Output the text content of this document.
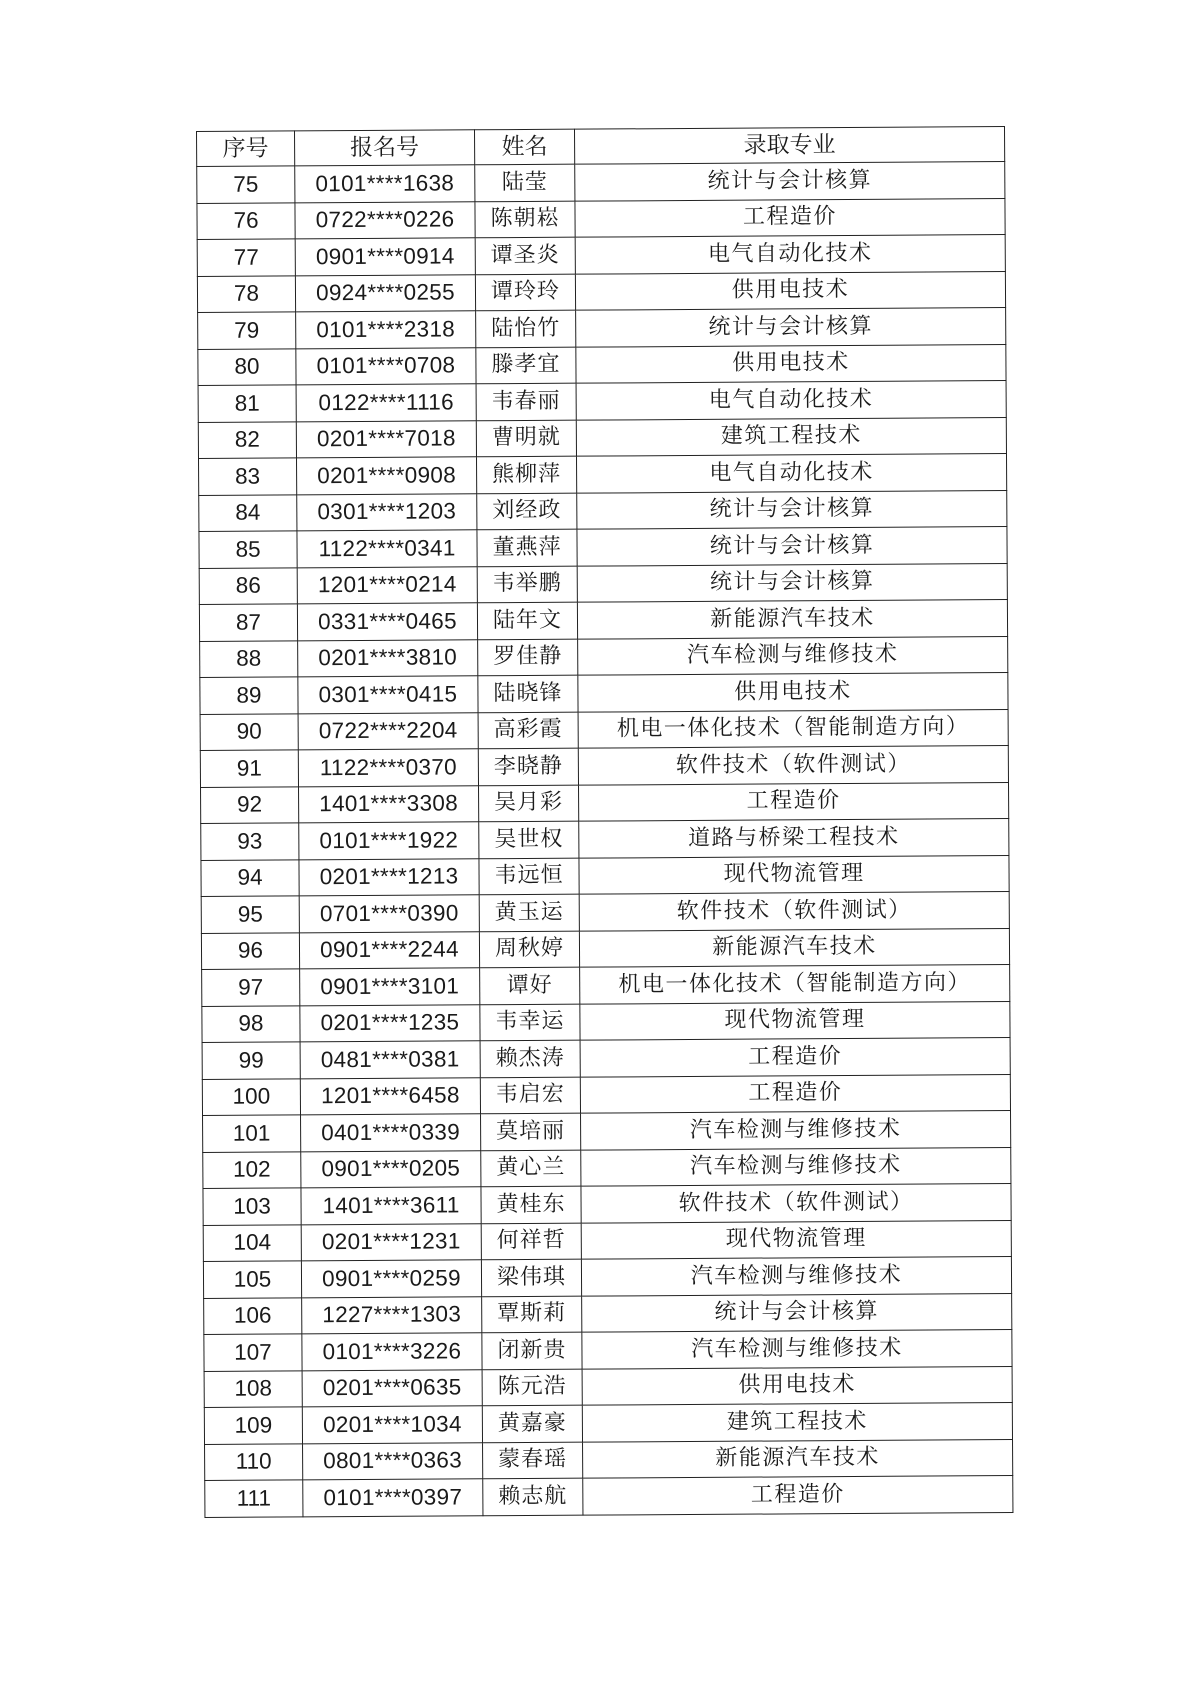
序号	报名号	姓名	录取专业
75	0101****1638	陆莹	统计与会计核算
76	0722****0226	陈朝崧	工程造价
77	0901****0914	谭圣炎	电气自动化技术
78	0924****0255	谭玲玲	供用电技术
79	0101****2318	陆怡竹	统计与会计核算
80	0101****0708	滕孝宜	供用电技术
81	0122****1116	韦春丽	电气自动化技术
82	0201****7018	曹明就	建筑工程技术
83	0201****0908	熊柳萍	电气自动化技术
84	0301****1203	刘经政	统计与会计核算
85	1122****0341	董燕萍	统计与会计核算
86	1201****0214	韦举鹏	统计与会计核算
87	0331****0465	陆年文	新能源汽车技术
88	0201****3810	罗佳静	汽车检测与维修技术
89	0301****0415	陆晓锋	供用电技术
90	0722****2204	高彩霞	机电一体化技术（智能制造方向）
91	1122****0370	李晓静	软件技术（软件测试）
92	1401****3308	吴月彩	工程造价
93	0101****1922	吴世权	道路与桥梁工程技术
94	0201****1213	韦远恒	现代物流管理
95	0701****0390	黄玉运	软件技术（软件测试）
96	0901****2244	周秋婷	新能源汽车技术
97	0901****3101	谭好	机电一体化技术（智能制造方向）
98	0201****1235	韦幸运	现代物流管理
99	0481****0381	赖杰涛	工程造价
100	1201****6458	韦启宏	工程造价
101	0401****0339	莫培丽	汽车检测与维修技术
102	0901****0205	黄心兰	汽车检测与维修技术
103	1401****3611	黄桂东	软件技术（软件测试）
104	0201****1231	何祥哲	现代物流管理
105	0901****0259	梁伟琪	汽车检测与维修技术
106	1227****1303	覃斯莉	统计与会计核算
107	0101****3226	闭新贵	汽车检测与维修技术
108	0201****0635	陈元浩	供用电技术
109	0201****1034	黄嘉豪	建筑工程技术
110	0801****0363	蒙春瑶	新能源汽车技术
111	0101****0397	赖志航	工程造价
